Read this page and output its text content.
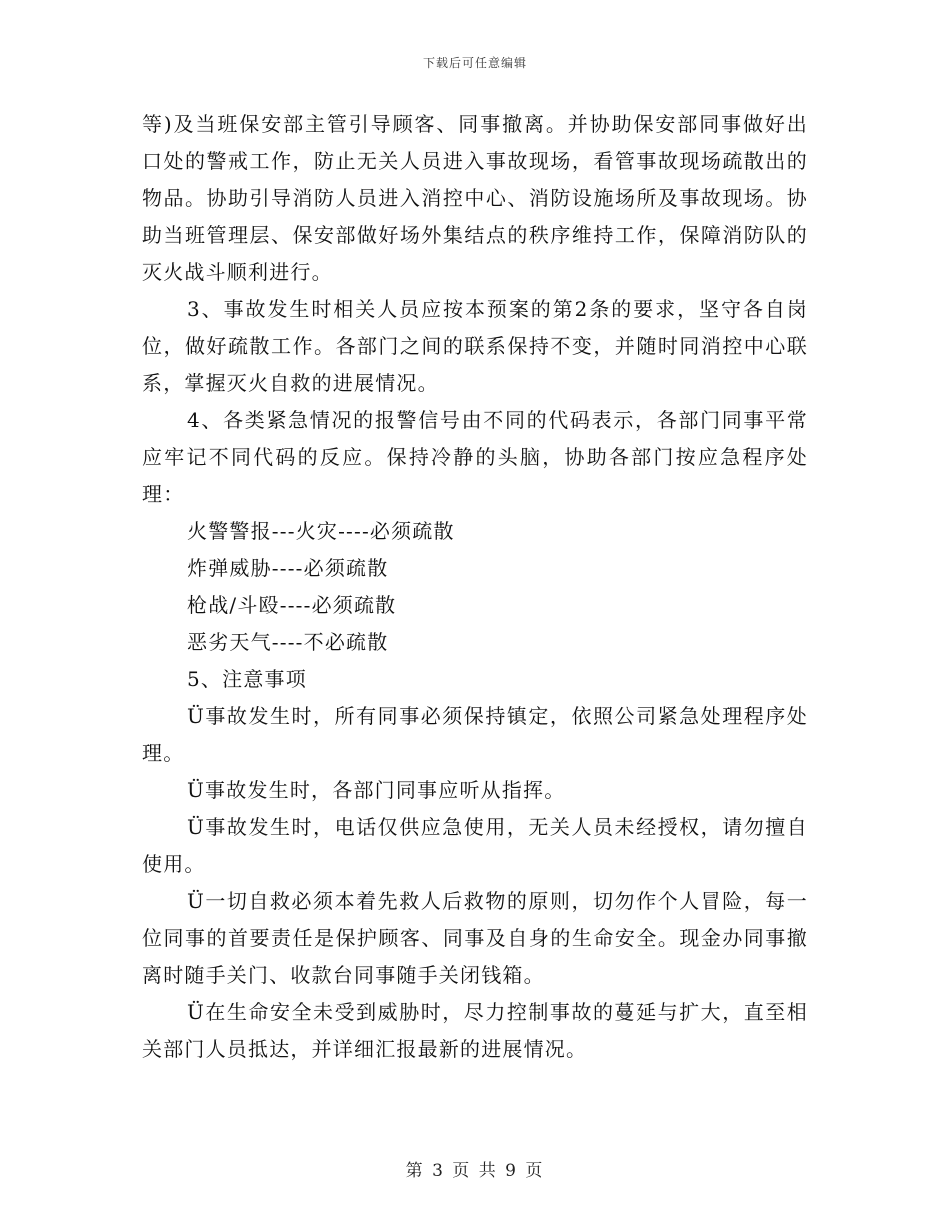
下载后可任意编辑

等)及当班保安部主管引导顾客、同事撤离。并协助保安部同事做好出口处的警戒工作，防止无关人员进入事故现场，看管事故现场疏散出的物品。协助引导消防人员进入消控中心、消防设施场所及事故现场。协助当班管理层、保安部做好场外集结点的秩序维持工作，保障消防队的灭火战斗顺利进行。

3、事故发生时相关人员应按本预案的第2条的要求，坚守各自岗位，做好疏散工作。各部门之间的联系保持不变，并随时同消控中心联系，掌握灭火自救的进展情况。

4、各类紧急情况的报警信号由不同的代码表示，各部门同事平常应牢记不同代码的反应。保持冷静的头脑，协助各部门按应急程序处理：

火警警报---火灾----必须疏散

炸弹威胁----必须疏散

枪战/斗殴----必须疏散

恶劣天气----不必疏散

5、注意事项

Ü事故发生时，所有同事必须保持镇定，依照公司紧急处理程序处理。

Ü事故发生时，各部门同事应听从指挥。

Ü事故发生时，电话仅供应急使用，无关人员未经授权，请勿擅自使用。

Ü一切自救必须本着先救人后救物的原则，切勿作个人冒险，每一位同事的首要责任是保护顾客、同事及自身的生命安全。现金办同事撤离时随手关门、收款台同事随手关闭钱箱。

Ü在生命安全未受到威胁时，尽力控制事故的蔓延与扩大，直至相关部门人员抵达，并详细汇报最新的进展情况。

第 3 页 共 9 页
